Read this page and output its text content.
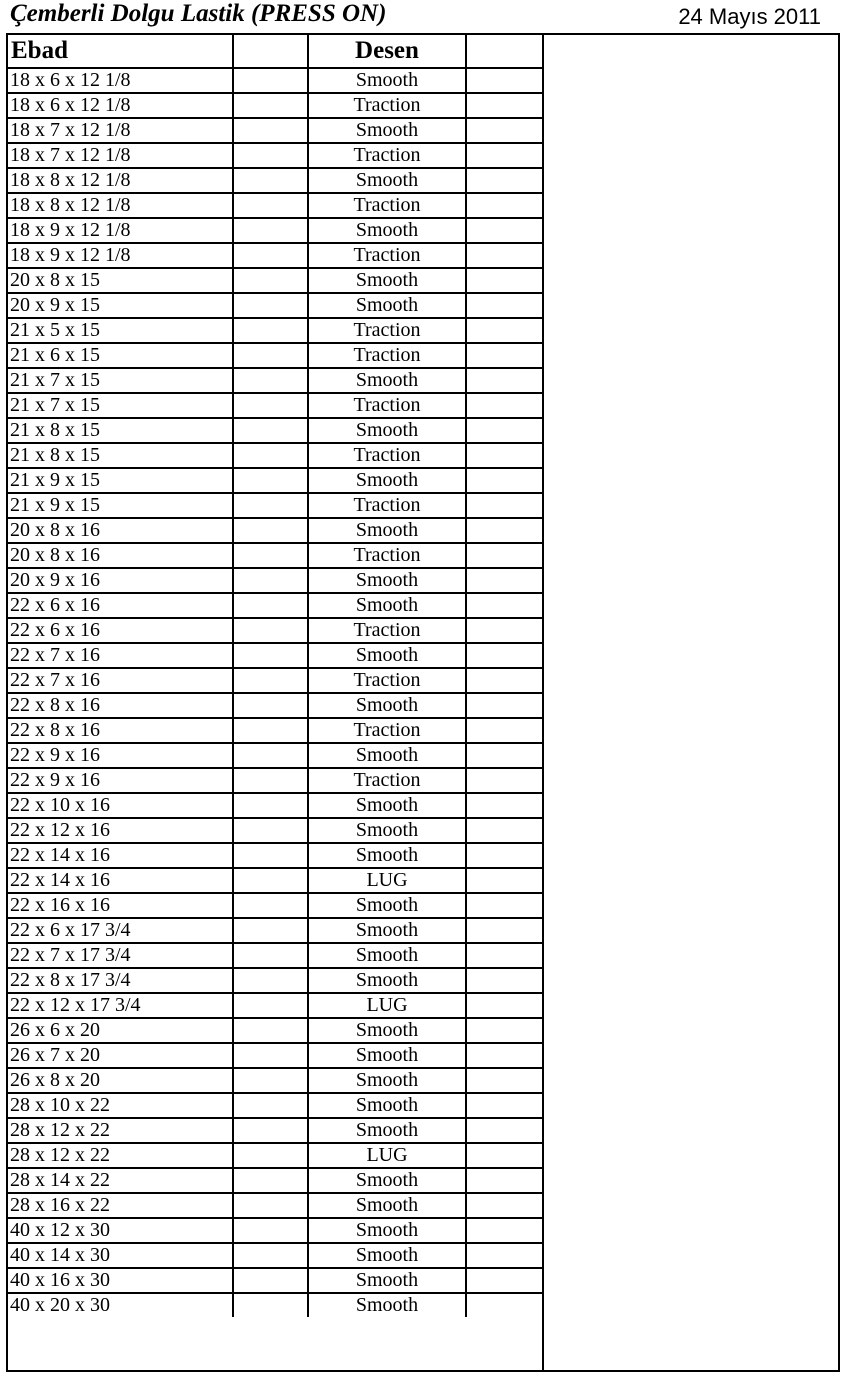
Çemberli Dolgu Lastik (PRESS ON)	24 Mayıs 2011
Ebad		Desen	
18 x 6 x 12 1/8		Smooth	
18 x 6 x 12 1/8		Traction	
18 x 7 x 12 1/8		Smooth	
18 x 7 x 12 1/8		Traction	
18 x 8 x 12 1/8		Smooth	
18 x 8 x 12 1/8		Traction	
18 x 9 x 12 1/8		Smooth	
18 x 9 x 12 1/8		Traction	
20 x 8 x 15		Smooth	
20 x 9 x 15		Smooth	
21 x 5 x 15		Traction	
21 x 6 x 15		Traction	
21 x 7 x 15		Smooth	
21 x 7 x 15		Traction	
21 x 8 x 15		Smooth	
21 x 8 x 15		Traction	
21 x 9 x 15		Smooth	
21 x 9 x 15		Traction	
20 x 8 x 16		Smooth	
20 x 8 x 16		Traction	
20 x 9 x 16		Smooth	
22 x 6 x 16		Smooth	
22 x 6 x 16		Traction	
22 x 7 x 16		Smooth	
22 x 7 x 16		Traction	
22 x 8 x 16		Smooth	
22 x 8 x 16		Traction	
22 x 9 x 16		Smooth	
22 x 9 x 16		Traction	
22 x 10 x 16		Smooth	
22 x 12 x 16		Smooth	
22 x 14 x 16		Smooth	
22 x 14 x 16		LUG	
22 x 16 x 16		Smooth	
22 x 6 x 17 3/4		Smooth	
22 x 7 x 17 3/4		Smooth	
22 x 8 x 17 3/4		Smooth	
22 x 12 x 17 3/4		LUG	
26 x 6 x 20		Smooth	
26 x 7 x 20		Smooth	
26 x 8 x 20		Smooth	
28 x 10 x 22		Smooth	
28 x 12 x 22		Smooth	
28 x 12 x 22		LUG	
28 x 14 x 22		Smooth	
28 x 16 x 22		Smooth	
40 x 12 x 30		Smooth	
40 x 14 x 30		Smooth	
40 x 16 x 30		Smooth	
40 x 20 x 30		Smooth	
